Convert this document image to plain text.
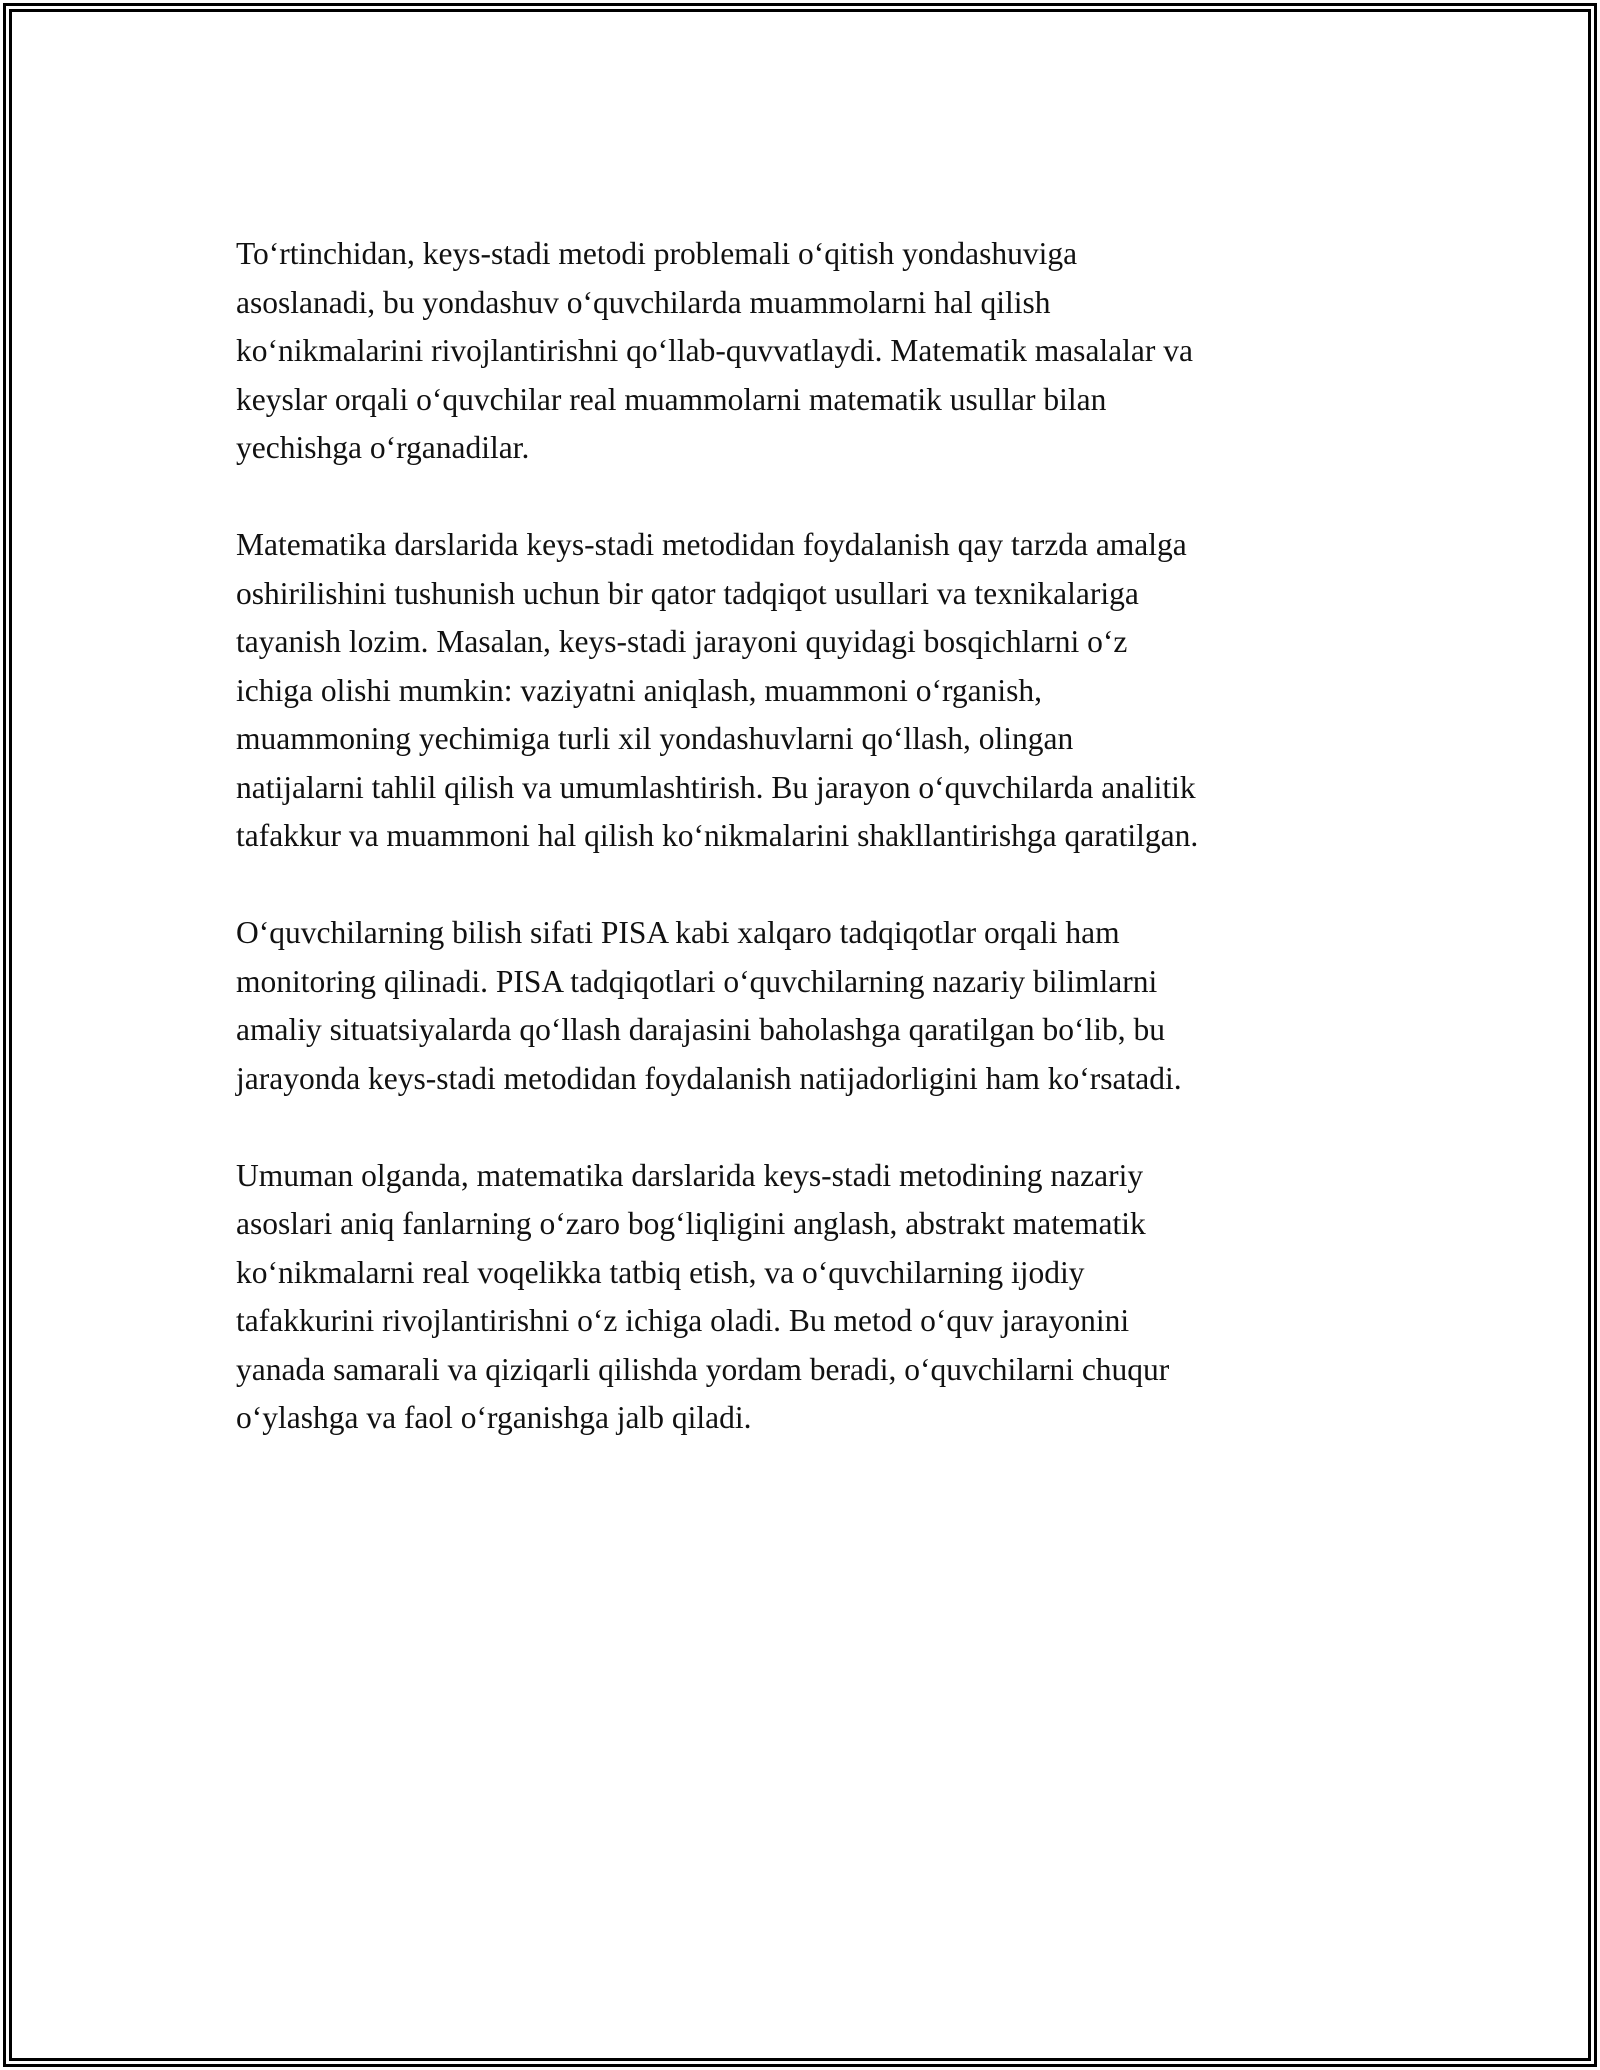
To‘rtinchidan, keys-stadi metodi problemali o‘qitish yondashuviga
asoslanadi, bu yondashuv o‘quvchilarda muammolarni hal qilish
ko‘nikmalarini rivojlantirishni qo‘llab-quvvatlaydi. Matematik masalalar va
keyslar orqali o‘quvchilar real muammolarni matematik usullar bilan
yechishga o‘rganadilar.

Matematika darslarida keys-stadi metodidan foydalanish qay tarzda amalga
oshirilishini tushunish uchun bir qator tadqiqot usullari va texnikalariga
tayanish lozim. Masalan, keys-stadi jarayoni quyidagi bosqichlarni o‘z
ichiga olishi mumkin: vaziyatni aniqlash, muammoni o‘rganish,
muammoning yechimiga turli xil yondashuvlarni qo‘llash, olingan
natijalarni tahlil qilish va umumlashtirish. Bu jarayon o‘quvchilarda analitik
tafakkur va muammoni hal qilish ko‘nikmalarini shakllantirishga qaratilgan.

O‘quvchilarning bilish sifati PISA kabi xalqaro tadqiqotlar orqali ham
monitoring qilinadi. PISA tadqiqotlari o‘quvchilarning nazariy bilimlarni
amaliy situatsiyalarda qo‘llash darajasini baholashga qaratilgan bo‘lib, bu
jarayonda keys-stadi metodidan foydalanish natijadorligini ham ko‘rsatadi.

Umuman olganda, matematika darslarida keys-stadi metodining nazariy
asoslari aniq fanlarning o‘zaro bog‘liqligini anglash, abstrakt matematik
ko‘nikmalarni real voqelikka tatbiq etish, va o‘quvchilarning ijodiy
tafakkurini rivojlantirishni o‘z ichiga oladi. Bu metod o‘quv jarayonini
yanada samarali va qiziqarli qilishda yordam beradi, o‘quvchilarni chuqur
o‘ylashga va faol o‘rganishga jalb qiladi.
